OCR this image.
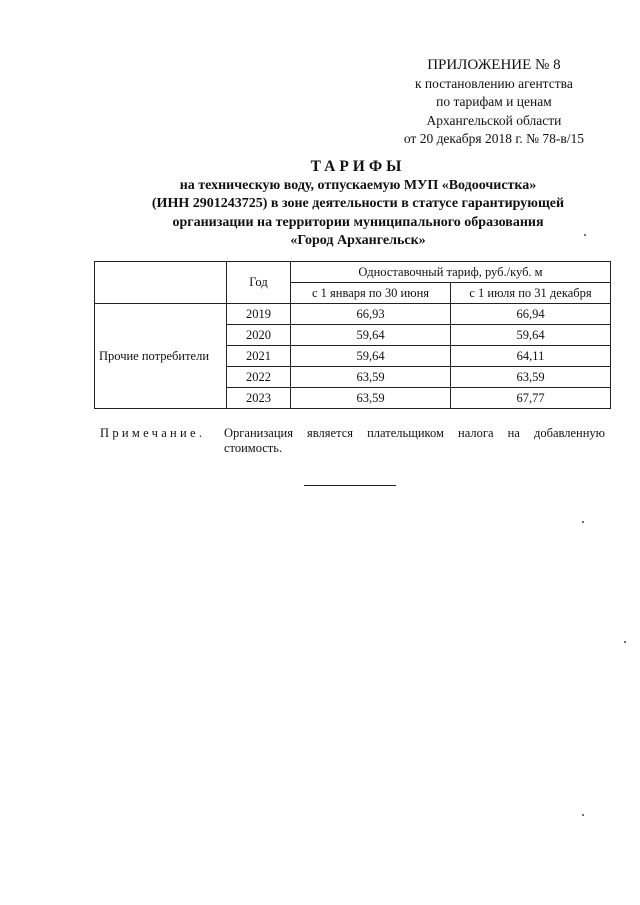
ПРИЛОЖЕНИЕ № 8
к постановлению агентства
по тарифам и ценам
Архангельской области
от 20 декабря 2018 г. № 78-в/15
ТАРИФЫ
на техническую воду, отпускаемую МУП «Водоочистка»
(ИНН 2901243725) в зоне деятельности в статусе гарантирующей
организации на территории муниципального образования
«Город Архангельск»
	Год	Одноставочный тариф, руб./куб. м	
		с 1 января по 30 июня	с 1 июля по 31 декабря
Прочие потребители	2019	66,93	66,94
	2020	59,64	59,64
	2021	59,64	64,11
	2022	63,59	63,59
	2023	63,59	67,77
Примечание. Организация является плательщиком налога на добавленную стоимость.
